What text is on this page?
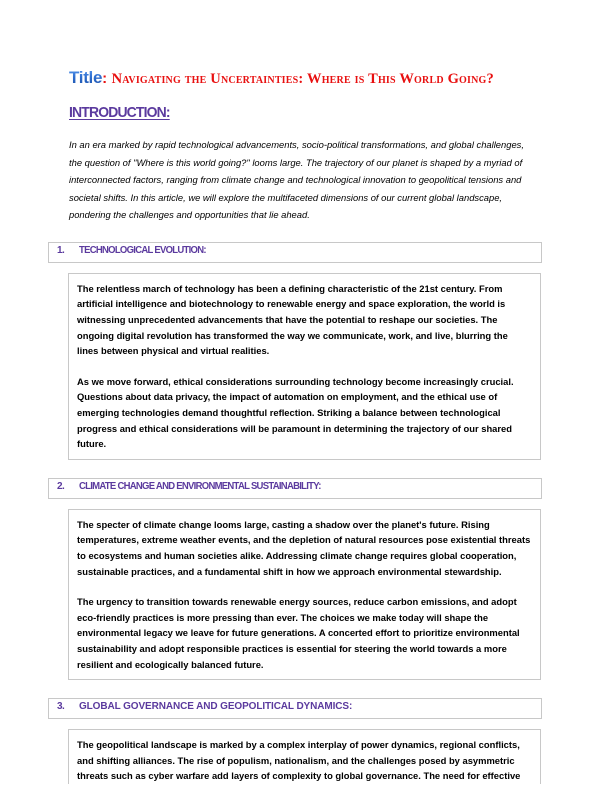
Title: Navigating the Uncertainties: Where is This World Going?
INTRODUCTION:

In an era marked by rapid technological advancements, socio-political transformations, and global challenges, the question of "Where is this world going?" looms large. The trajectory of our planet is shaped by a myriad of interconnected factors, ranging from climate change and technological innovation to geopolitical tensions and societal shifts. In this article, we will explore the multifaceted dimensions of our current global landscape, pondering the challenges and opportunities that lie ahead.

1. TECHNOLOGICAL EVOLUTION:

The relentless march of technology has been a defining characteristic of the 21st century. From artificial intelligence and biotechnology to renewable energy and space exploration, the world is witnessing unprecedented advancements that have the potential to reshape our societies. The ongoing digital revolution has transformed the way we communicate, work, and live, blurring the lines between physical and virtual realities.

As we move forward, ethical considerations surrounding technology become increasingly crucial. Questions about data privacy, the impact of automation on employment, and the ethical use of emerging technologies demand thoughtful reflection. Striking a balance between technological progress and ethical considerations will be paramount in determining the trajectory of our shared future.

2. CLIMATE CHANGE AND ENVIRONMENTAL SUSTAINABILITY:

The specter of climate change looms large, casting a shadow over the planet's future. Rising temperatures, extreme weather events, and the depletion of natural resources pose existential threats to ecosystems and human societies alike. Addressing climate change requires global cooperation, sustainable practices, and a fundamental shift in how we approach environmental stewardship.

The urgency to transition towards renewable energy sources, reduce carbon emissions, and adopt eco-friendly practices is more pressing than ever. The choices we make today will shape the environmental legacy we leave for future generations. A concerted effort to prioritize environmental sustainability and adopt responsible practices is essential for steering the world towards a more resilient and ecologically balanced future.

3. GLOBAL GOVERNANCE AND GEOPOLITICAL DYNAMICS:

The geopolitical landscape is marked by a complex interplay of power dynamics, regional conflicts, and shifting alliances. The rise of populism, nationalism, and the challenges posed by asymmetric threats such as cyber warfare add layers of complexity to global governance. The need for effective
